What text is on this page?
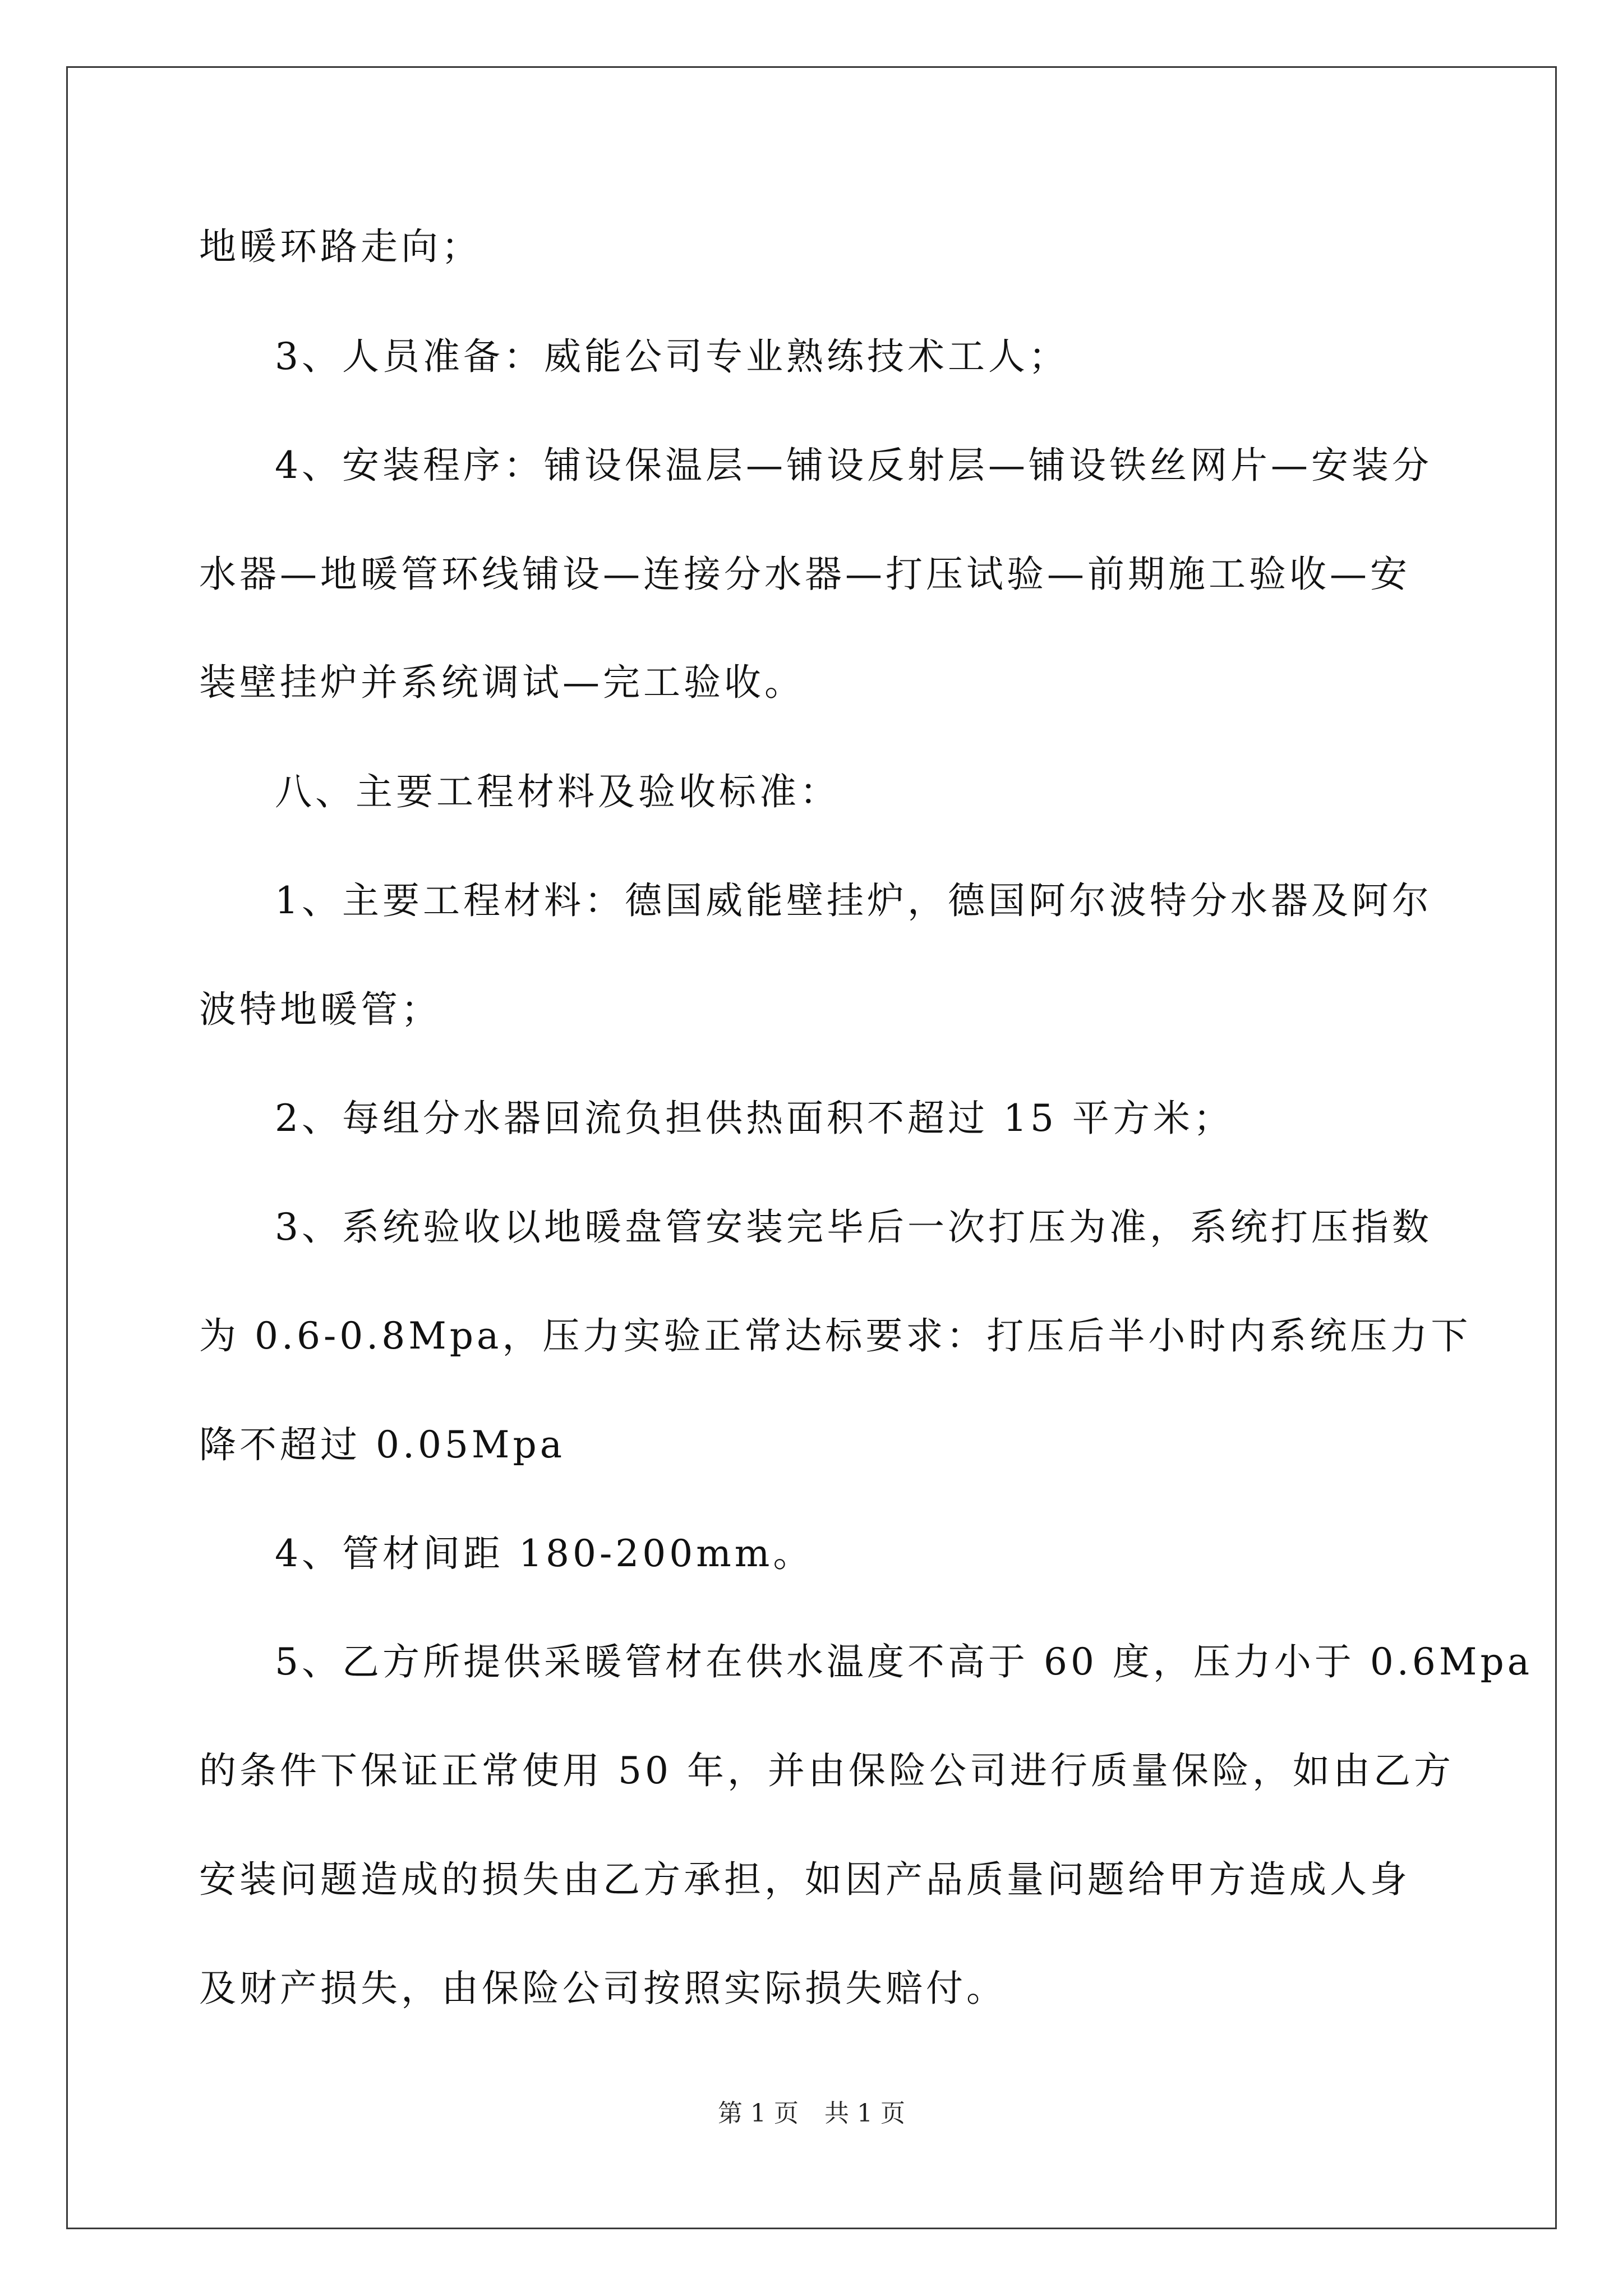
地暖环路走向；
3、人员准备：威能公司专业熟练技术工人；
4、安装程序：铺设保温层—铺设反射层—铺设铁丝网片—安装分
水器—地暖管环线铺设—连接分水器—打压试验—前期施工验收—安
装壁挂炉并系统调试—完工验收。
八、主要工程材料及验收标准：
1、主要工程材料：德国威能壁挂炉，德国阿尔波特分水器及阿尔
波特地暖管；
2、每组分水器回流负担供热面积不超过 15 平方米；
3、系统验收以地暖盘管安装完毕后一次打压为准，系统打压指数
为 0.6-0.8Mpa，压力实验正常达标要求：打压后半小时内系统压力下
降不超过 0.05Mpa
4、管材间距 180-200mm。
5、乙方所提供采暖管材在供水温度不高于 60 度，压力小于 0.6Mpa
的条件下保证正常使用 50 年，并由保险公司进行质量保险，如由乙方
安装问题造成的损失由乙方承担，如因产品质量问题给甲方造成人身
及财产损失，由保险公司按照实际损失赔付。
第 1 页 共 1 页
